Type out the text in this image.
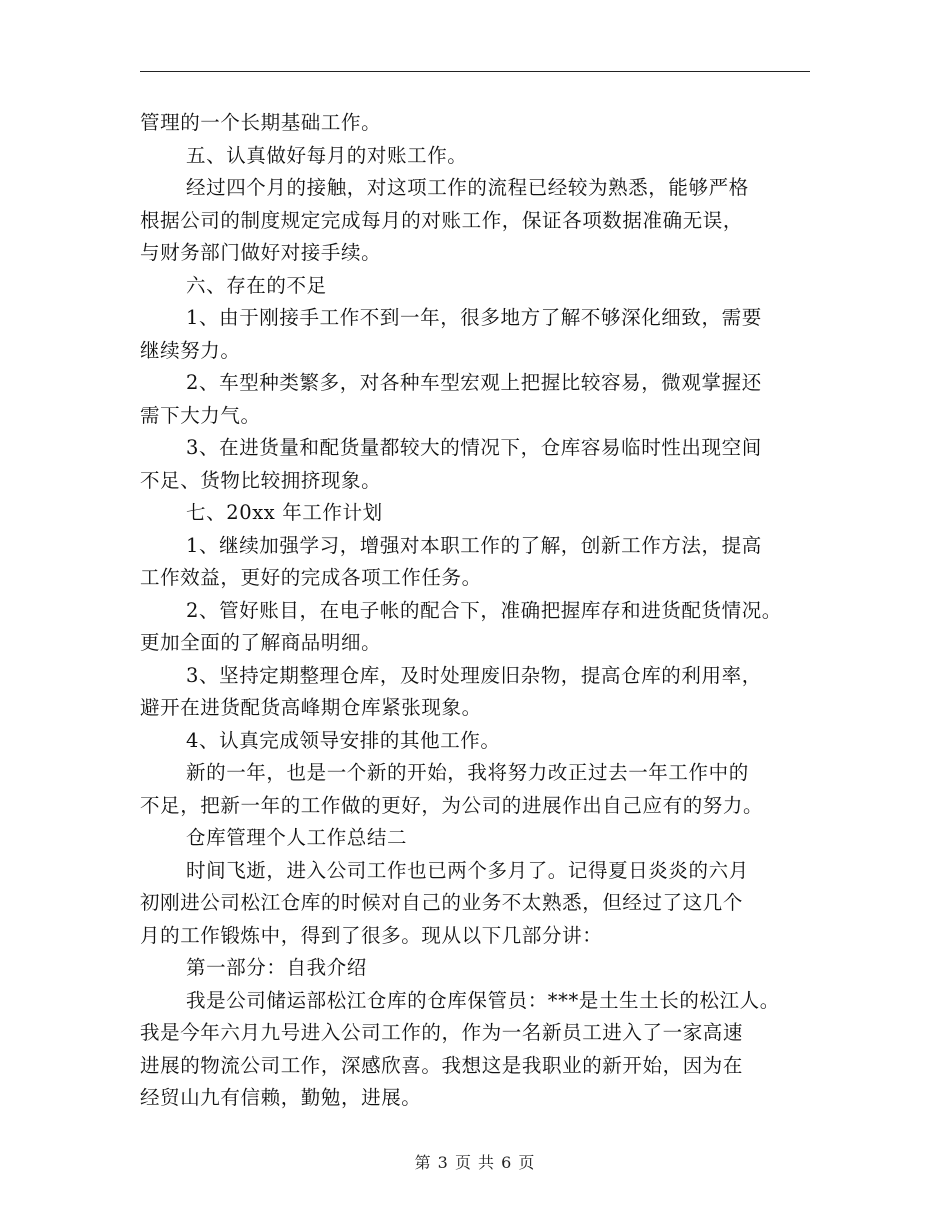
管理的一个长期基础工作。
五、认真做好每月的对账工作。
经过四个月的接触，对这项工作的流程已经较为熟悉，能够严格
根据公司的制度规定完成每月的对账工作，保证各项数据准确无误，
与财务部门做好对接手续。
六、存在的不足
1、由于刚接手工作不到一年，很多地方了解不够深化细致，需要
继续努力。
2、车型种类繁多，对各种车型宏观上把握比较容易，微观掌握还
需下大力气。
3、在进货量和配货量都较大的情况下，仓库容易临时性出现空间
不足、货物比较拥挤现象。
七、20xx 年工作计划
1、继续加强学习，增强对本职工作的了解，创新工作方法，提高
工作效益，更好的完成各项工作任务。
2、管好账目，在电子帐的配合下，准确把握库存和进货配货情况。
更加全面的了解商品明细。
3、坚持定期整理仓库，及时处理废旧杂物，提高仓库的利用率，
避开在进货配货高峰期仓库紧张现象。
4、认真完成领导安排的其他工作。
新的一年，也是一个新的开始，我将努力改正过去一年工作中的
不足，把新一年的工作做的更好，为公司的进展作出自己应有的努力。
仓库管理个人工作总结二
时间飞逝，进入公司工作也已两个多月了。记得夏日炎炎的六月
初刚进公司松江仓库的时候对自己的业务不太熟悉，但经过了这几个
月的工作锻炼中，得到了很多。现从以下几部分讲：
第一部分：自我介绍
我是公司储运部松江仓库的仓库保管员：***是土生土长的松江人。
我是今年六月九号进入公司工作的，作为一名新员工进入了一家高速
进展的物流公司工作，深感欣喜。我想这是我职业的新开始，因为在
经贸山九有信赖，勤勉，进展。
第 3 页 共 6 页
